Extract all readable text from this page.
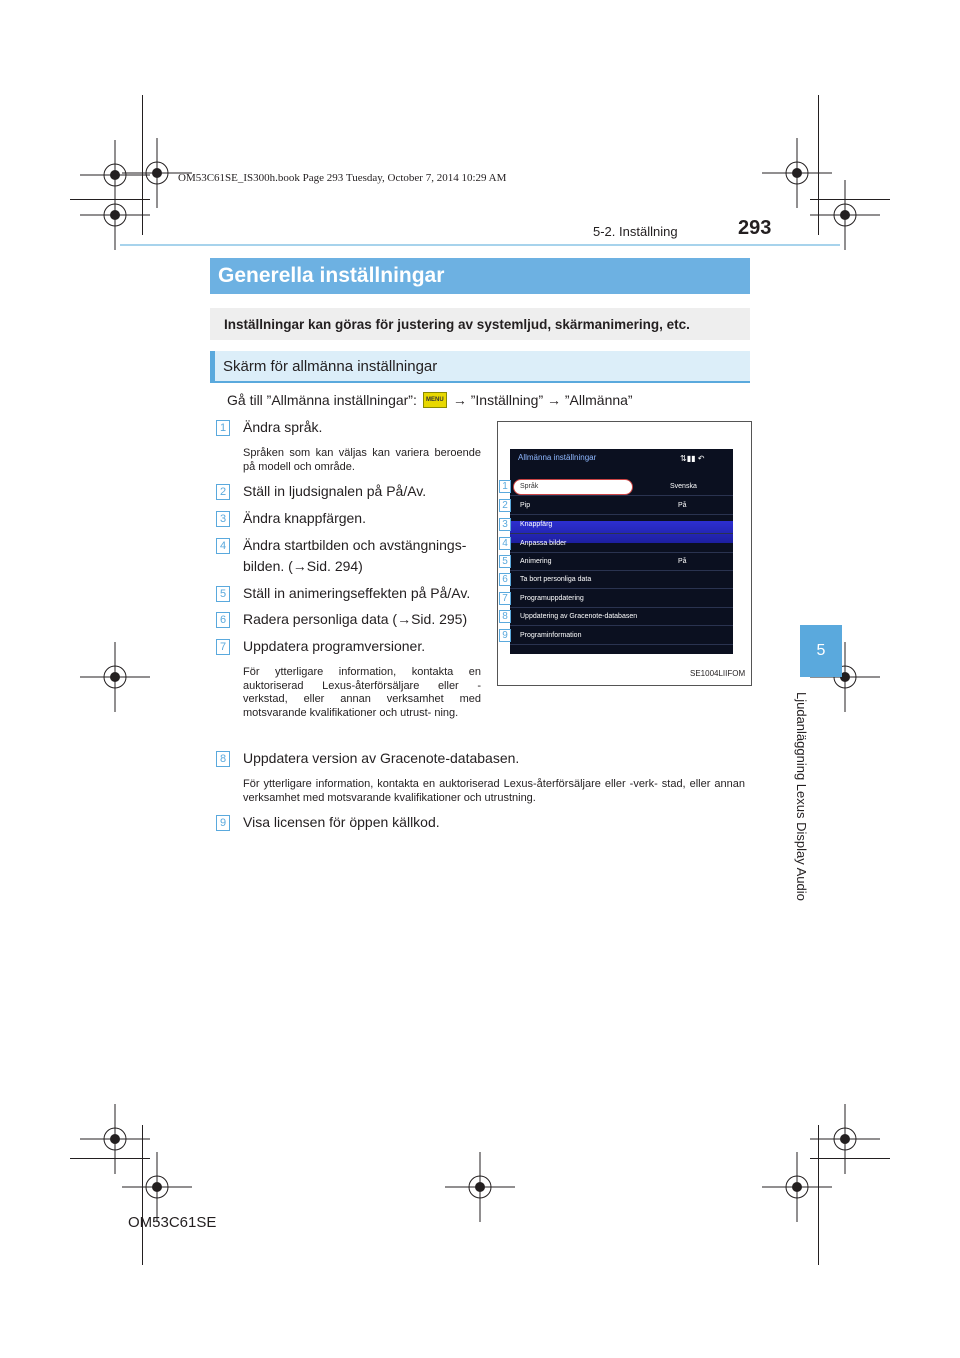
OM53C61SE_IS300h.book Page 293 Tuesday, October 7, 2014 10:29 AM
293
5-2. Inställning
5
Ljudanläggning Lexus Display Audio
Generella inställningar
Inställningar kan göras för justering av systemljud, skärmanimering, etc.
Skärm för allmänna inställningar
Gå till ”Allmänna inställningar”:	MENU → ”Inställning” → ”Allmänna”
1 Ändra språk.
Språken som kan väljas kan variera beroende på modell och område.
2 Ställ in ljudsignalen på På/Av.
3 Ändra knappfärgen.
4 Ändra startbilden och avstängnings-
bilden. (→Sid. 294)
5 Ställ in animeringseffekten på På/Av.
6 Radera personliga data (→Sid. 295)
7 Uppdatera programversioner.
För ytterligare information, kontakta en auktoriserad Lexus-återförsäljare eller - verkstad, eller annan verksamhet med motsvarande kvalifikationer och utrust- ning.
8 Uppdatera version av Gracenote-databasen.
För ytterligare information, kontakta en auktoriserad Lexus-återförsäljare eller -verk- stad, eller annan verksamhet med motsvarande kvalifikationer och utrustning.
9 Visa licensen för öppen källkod.
Allmänna inställningar	⇅▮▮ ↶
Språk	Svenska
Pip	På
Knappfärg
Anpassa bilder
Animering	På
Ta bort personliga data
Programuppdatering
Uppdatering av Gracenote-databasen
Programinformation
1
2
3
4
5
6
7
8
9
SE1004LIIFOM
OM53C61SE
